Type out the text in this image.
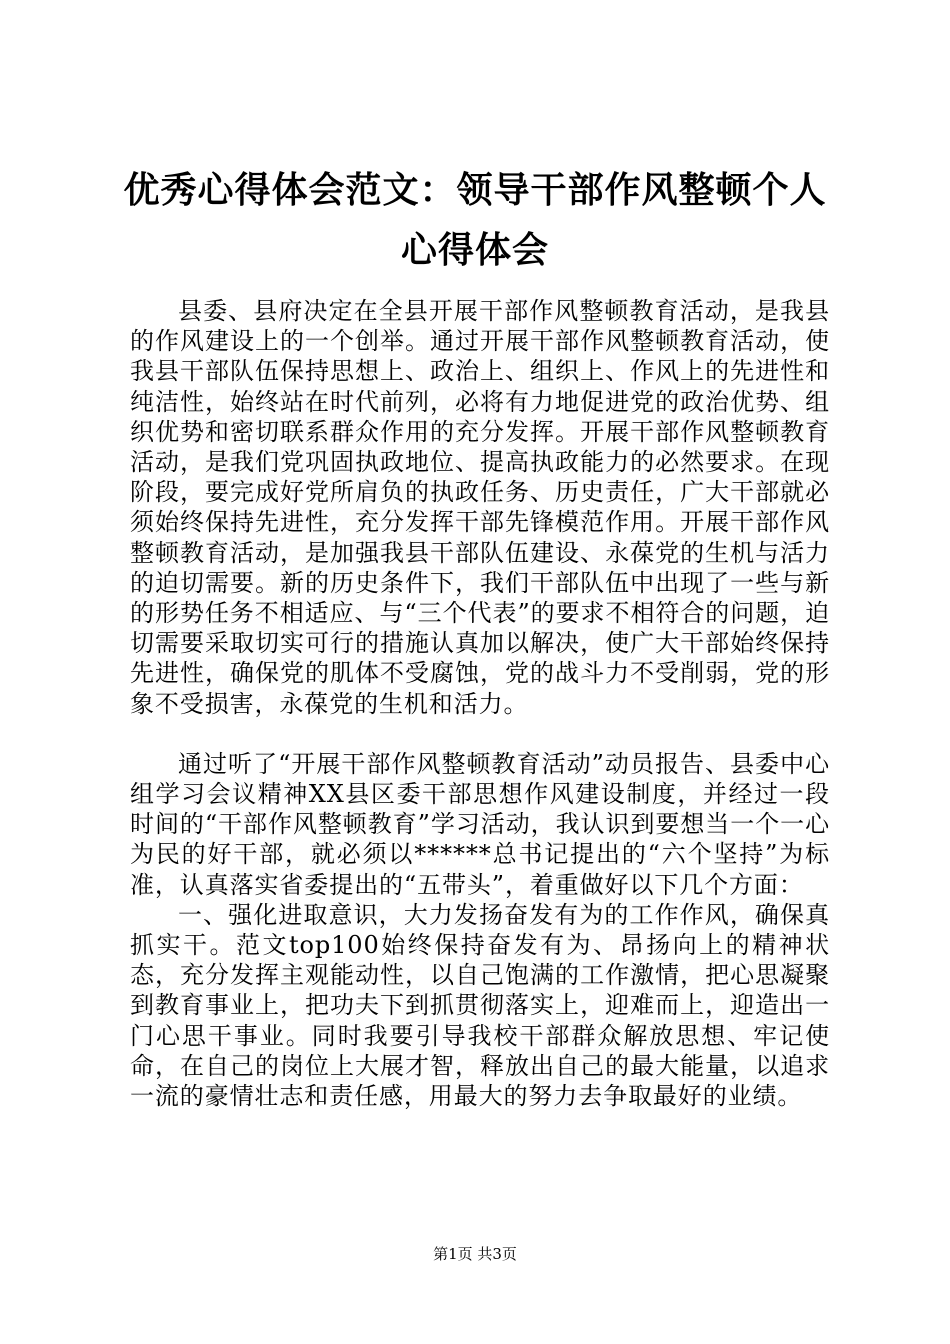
优秀心得体会范文：领导干部作风整顿个人心得体会

县委、县府决定在全县开展干部作风整顿教育活动，是我县的作风建设上的一个创举。通过开展干部作风整顿教育活动，使我县干部队伍保持思想上、政治上、组织上、作风上的先进性和纯洁性，始终站在时代前列，必将有力地促进党的政治优势、组织优势和密切联系群众作用的充分发挥。开展干部作风整顿教育活动，是我们党巩固执政地位、提高执政能力的必然要求。在现阶段，要完成好党所肩负的执政任务、历史责任，广大干部就必须始终保持先进性，充分发挥干部先锋模范作用。开展干部作风整顿教育活动，是加强我县干部队伍建设、永葆党的生机与活力的迫切需要。新的历史条件下，我们干部队伍中出现了一些与新的形势任务不相适应、与“三个代表”的要求不相符合的问题，迫切需要采取切实可行的措施认真加以解决，使广大干部始终保持先进性，确保党的肌体不受腐蚀，党的战斗力不受削弱，党的形象不受损害，永葆党的生机和活力。

通过听了“开展干部作风整顿教育活动”动员报告、县委中心组学习会议精神XX县区委干部思想作风建设制度，并经过一段时间的“干部作风整顿教育”学习活动，我认识到要想当一个一心为民的好干部，就必须以******总书记提出的“六个坚持”为标准，认真落实省委提出的“五带头”，着重做好以下几个方面：

一、强化进取意识，大力发扬奋发有为的工作作风，确保真抓实干。范文top100始终保持奋发有为、昂扬向上的精神状态，充分发挥主观能动性，以自己饱满的工作激情，把心思凝聚到教育事业上，把功夫下到抓贯彻落实上，迎难而上，迎造出一门心思干事业。同时我要引导我校干部群众解放思想、牢记使命，在自己的岗位上大展才智，释放出自己的最大能量，以追求一流的豪情壮志和责任感，用最大的努力去争取最好的业绩。

第1页 共3页
